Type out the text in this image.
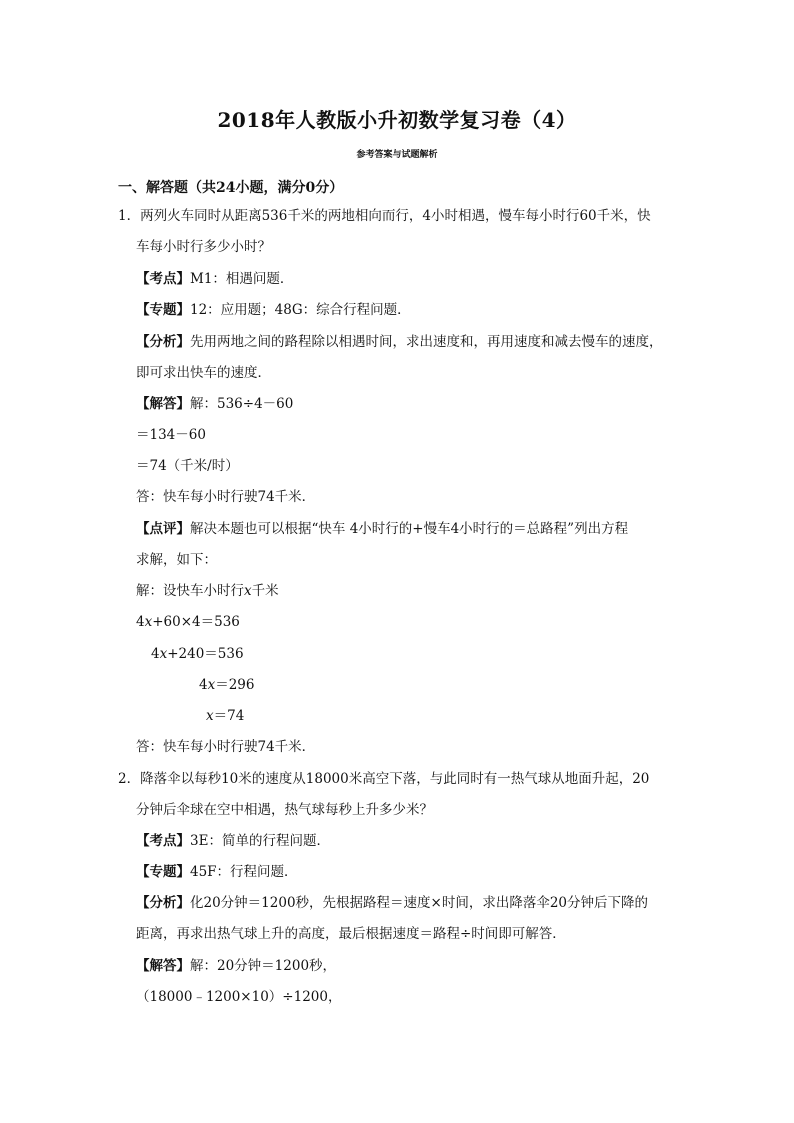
2018年人教版小升初数学复习卷（4）
参考答案与试题解析
一、解答题（共24小题，满分0分）
1．两列火车同时从距离536千米的两地相向而行，4小时相遇，慢车每小时行60千米，快
车每小时行多少小时？
【 考点 】 M1：相遇问题．
【 专题 】 12：应用题；48G：综合行程问题．
【 分析 】 先用两地之间的路程除以相遇时间，求出速度和，再用速度和减去慢车的速度，
即可求出快车的速度．
【 解答 】 解：536÷4－60
＝134－60
＝74（千米/时）
答：快车每小时行驶74千米．
【 点评 】 解决本题也可以根据“快车 4小时行的+慢车4小时行的＝总路程”列出方程
求解，如下：
解：设快车小时行x千米
4x+60×4＝536
4x+240＝536
4x＝296
x＝74
答：快车每小时行驶74千米．
2．降落伞以每秒10米的速度从18000米高空下落，与此同时有一热气球从地面升起，20
分钟后伞球在空中相遇，热气球每秒上升多少米？
【 考点 】 3E：简单的行程问题．
【 专题 】 45F：行程问题．
【 分析 】 化20分钟＝1200秒，先根据路程＝速度×时间，求出降落伞20分钟后下降的
距离，再求出热气球上升的高度，最后根据速度＝路程÷时间即可解答．
【 解答 】 解：20分钟＝1200秒，
（18000﹣1200×10）÷1200，
